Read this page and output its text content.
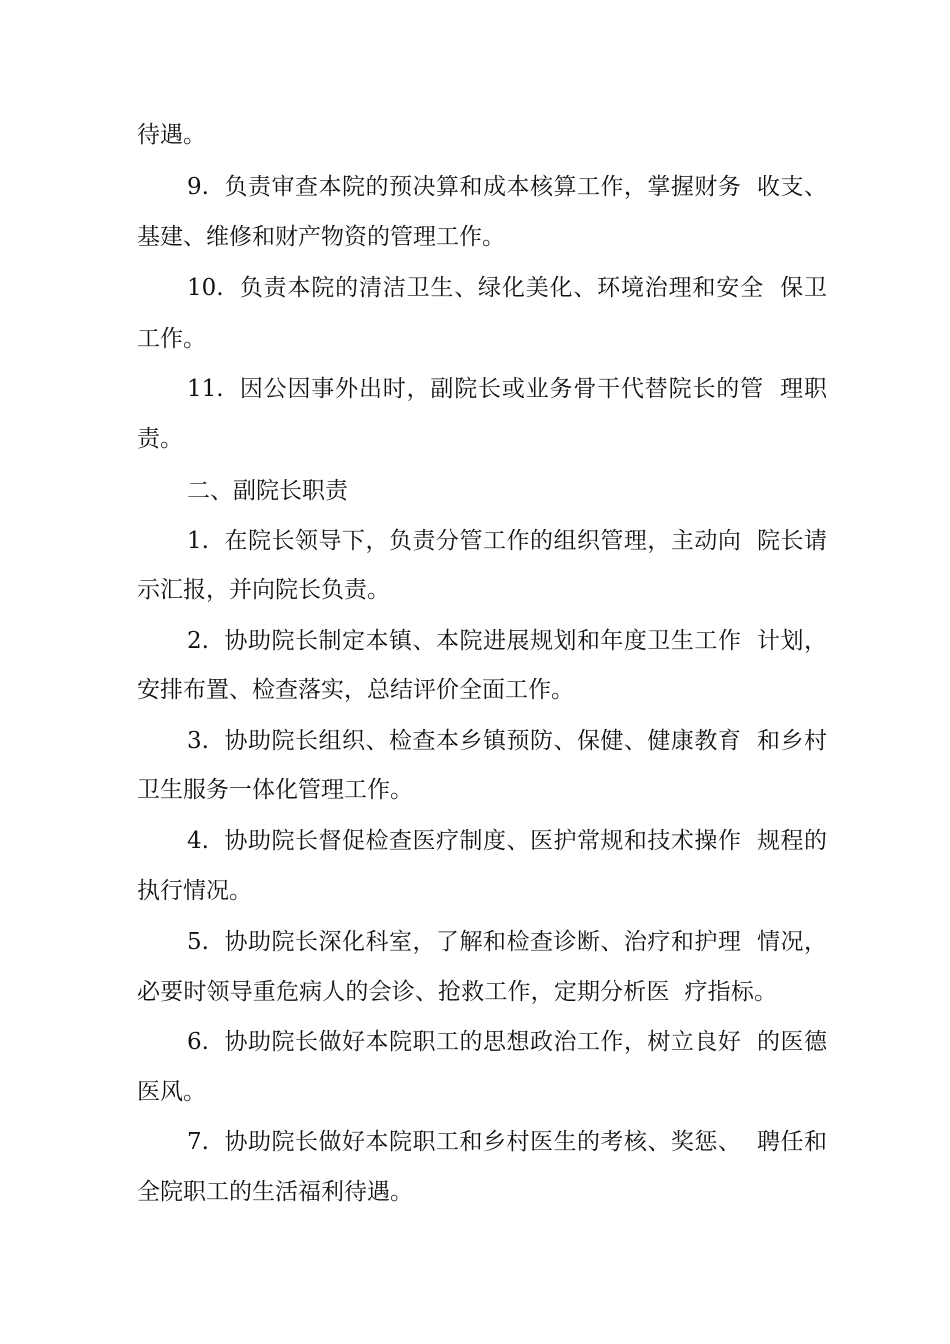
待遇。
9.  负责审查本院的预决算和成本核算工作，掌握财务  收支、
基建、维修和财产物资的管理工作。
10.  负责本院的清洁卫生、绿化美化、环境治理和安全  保卫
工作。
11.  因公因事外出时，副院长或业务骨干代替院长的管  理职
责。
二、副院长职责
1.  在院长领导下，负责分管工作的组织管理，主动向  院长请
示汇报，并向院长负责。
2.  协助院长制定本镇、本院进展规划和年度卫生工作  计划，
安排布置、检查落实，总结评价全面工作。
3.  协助院长组织、检查本乡镇预防、保健、健康教育  和乡村
卫生服务一体化管理工作。
4.  协助院长督促检查医疗制度、医护常规和技术操作  规程的
执行情况。
5.  协助院长深化科室，了解和检查诊断、治疗和护理  情况，
必要时领导重危病人的会诊、抢救工作，定期分析医  疗指标。
6.  协助院长做好本院职工的思想政治工作，树立良好  的医德
医风。
7.  协助院长做好本院职工和乡村医生的考核、奖惩、  聘任和
全院职工的生活福利待遇。
